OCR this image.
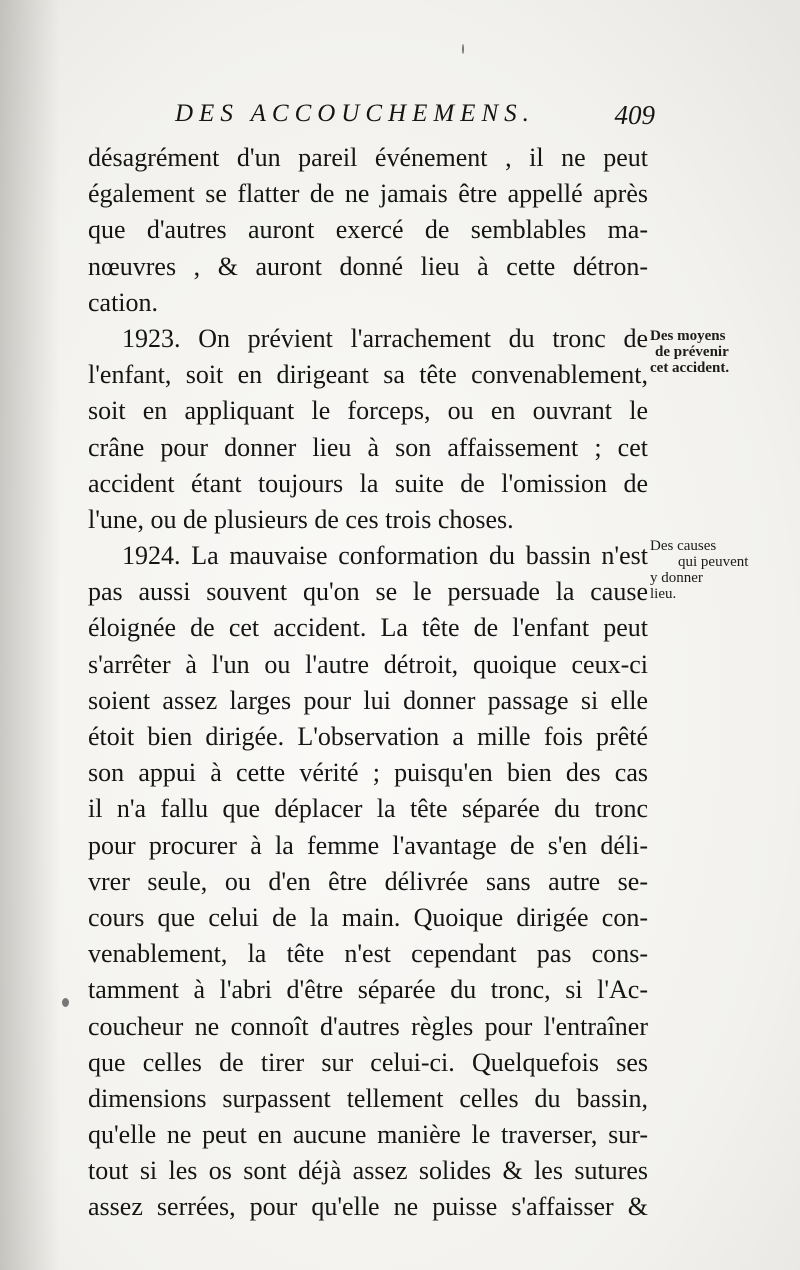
DES ACCOUCHEMENS.	409
désagrément d'un pareil événement , il ne peut
également se flatter de ne jamais être appellé après
que d'autres auront exercé de semblables ma-
nœuvres , & auront donné lieu à cette détron-
cation.
1923. On prévient l'arrachement du tronc de
l'enfant, soit en dirigeant sa tête convenablement,
soit en appliquant le forceps, ou en ouvrant le
crâne pour donner lieu à son affaissement ; cet
accident étant toujours la suite de l'omission de
l'une, ou de plusieurs de ces trois choses.
1924. La mauvaise conformation du bassin n'est
pas aussi souvent qu'on se le persuade la cause
éloignée de cet accident. La tête de l'enfant peut
s'arrêter à l'un ou l'autre détroit, quoique ceux-ci
soient assez larges pour lui donner passage si elle
étoit bien dirigée. L'observation a mille fois prêté
son appui à cette vérité ; puisqu'en bien des cas
il n'a fallu que déplacer la tête séparée du tronc
pour procurer à la femme l'avantage de s'en déli-
vrer seule, ou d'en être délivrée sans autre se-
cours que celui de la main. Quoique dirigée con-
venablement, la tête n'est cependant pas cons-
tamment à l'abri d'être séparée du tronc, si l'Ac-
coucheur ne connoît d'autres règles pour l'entraîner
que celles de tirer sur celui-ci. Quelquefois ses
dimensions surpassent tellement celles du bassin,
qu'elle ne peut en aucune manière le traverser, sur-
tout si les os sont déjà assez solides & les sutures
assez serrées, pour qu'elle ne puisse s'affaisser &
Des moyens
de prévenir
cet accident.
Des causes
qui peuvent
y donner
lieu.
